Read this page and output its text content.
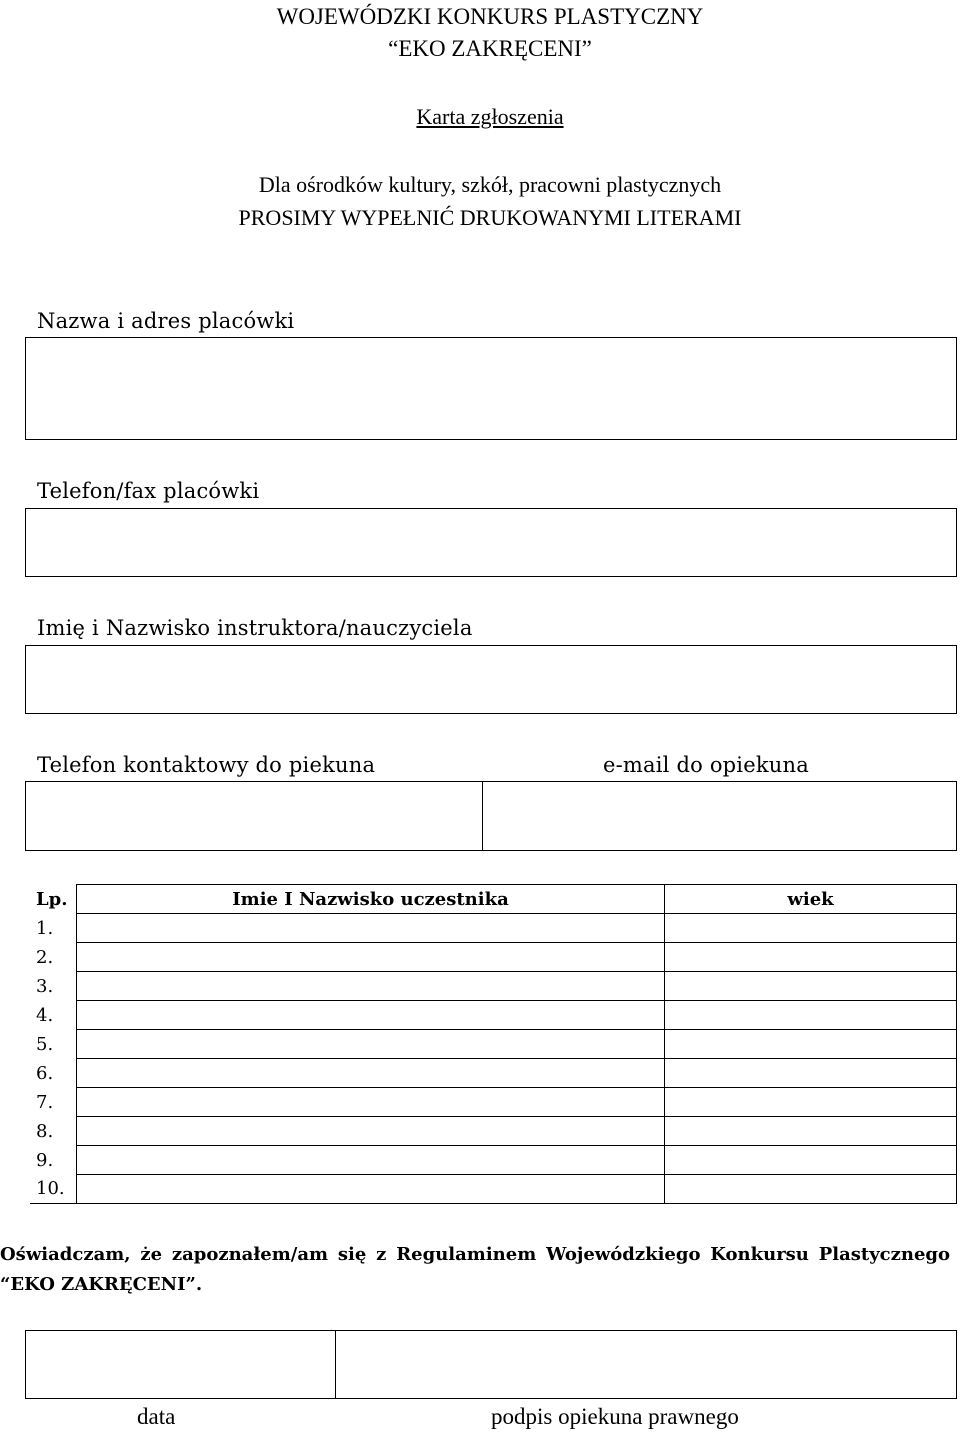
WOJEWÓDZKI KONKURS PLASTYCZNY
“EKO ZAKRĘCENI”
Karta zgłoszenia
Dla ośrodków kultury, szkół, pracowni plastycznych
PROSIMY WYPEŁNIĆ DRUKOWANYMI LITERAMI
Nazwa i adres placówki
Telefon/fax placówki
Imię i Nazwisko instruktora/nauczyciela
Telefon kontaktowy do piekuna	e-mail do opiekuna
Lp.	Imie I Nazwisko uczestnika	wiek
1.		
2.		
3.		
4.		
5.		
6.		
7.		
8.		
9.		
10.		
Oświadczam, że zapoznałem/am się z Regulaminem Wojewódzkiego Konkursu Plastycznego “EKO ZAKRĘCENI”.
data	podpis opiekuna prawnego
